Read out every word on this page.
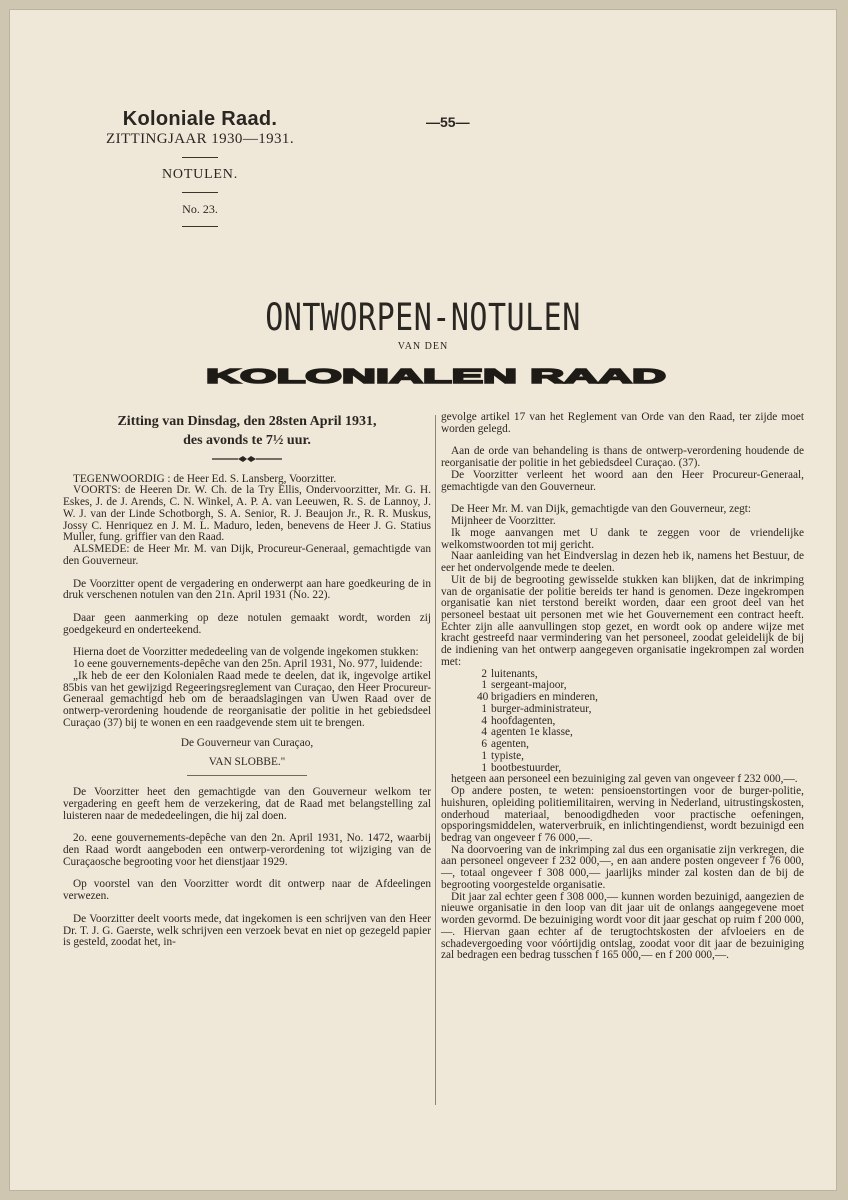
Koloniale Raad.
ZITTINGJAAR 1930—1931.
NOTULEN.
No. 23.
—55—
ONTWORPEN-NOTULEN
VAN DEN
KOLONIALEN RAAD

Zitting van Dinsdag, den 28sten April 1931,

des avonds te 7½ uur.

TEGENWOORDIG : de Heer Ed. S. Lansberg, Voorzitter.

VOORTS: de Heeren Dr. W. Ch. de la Try Ellis, Ondervoorzitter, Mr. G. H. Eskes, J. de J. Arends, C. N. Winkel, A. P. A. van Leeuwen, R. S. de Lannoy, J. W. J. van der Linde Schotborgh, S. A. Senior, R. J. Beaujon Jr., R. R. Muskus, Jossy C. Henriquez en J. M. L. Maduro, leden, benevens de Heer J. G. Statius Muller, fung. griffier van den Raad.

ALSMEDE: de Heer Mr. M. van Dijk, Procureur-Generaal, gemachtigde van den Gouverneur.

De Voorzitter opent de vergadering en onderwerpt aan hare goedkeuring de in druk verschenen notulen van den 21n. April 1931 (No. 22).

Daar geen aanmerking op deze notulen gemaakt wordt, worden zij goedgekeurd en onderteekend.

Hierna doet de Voorzitter mededeeling van de volgende ingekomen stukken:

1o eene gouvernements-depêche van den 25n. April 1931, No. 977, luidende:

„Ik heb de eer den Kolonialen Raad mede te deelen, dat ik, ingevolge artikel 85bis van het gewijzigd Regeeringsreglement van Curaçao, den Heer Procureur-Generaal gemachtigd heb om de beraadslagingen van Uwen Raad over de ontwerp-verordening houdende de reorganisatie der politie in het gebiedsdeel Curaçao (37) bij te wonen en een raadgevende stem uit te brengen.

De Gouverneur van Curaçao,

VAN SLOBBE."

De Voorzitter heet den gemachtigde van den Gouverneur welkom ter vergadering en geeft hem de verzekering, dat de Raad met belangstelling zal luisteren naar de mededeelingen, die hij zal doen.

2o. eene gouvernements-depêche van den 2n. April 1931, No. 1472, waarbij den Raad wordt aangeboden een ontwerp-verordening tot wijziging van de Curaçaosche begrooting voor het dienstjaar 1929.

Op voorstel van den Voorzitter wordt dit ontwerp naar de Afdeelingen verwezen.

De Voorzitter deelt voorts mede, dat ingekomen is een schrijven van den Heer Dr. T. J. G. Gaerste, welk schrijven een verzoek bevat en niet op gezegeld papier is gesteld, zoodat het, in-

gevolge artikel 17 van het Reglement van Orde van den Raad, ter zijde moet worden gelegd.

Aan de orde van behandeling is thans de ontwerp-verordening houdende de reorganisatie der politie in het gebiedsdeel Curaçao. (37).

De Voorzitter verleent het woord aan den Heer Procureur-Generaal, gemachtigde van den Gouverneur.

De Heer Mr. M. van Dijk, gemachtigde van den Gouverneur, zegt:

Mijnheer de Voorzitter.

Ik moge aanvangen met U dank te zeggen voor de vriendelijke welkomstwoorden tot mij gericht.

Naar aanleiding van het Eindverslag in dezen heb ik, namens het Bestuur, de eer het ondervolgende mede te deelen.

Uit de bij de begrooting gewisselde stukken kan blijken, dat de inkrimping van de organisatie der politie bereids ter hand is genomen. Deze ingekrompen organisatie kan niet terstond bereikt worden, daar een groot deel van het personeel bestaat uit personen met wie het Gouvernement een contract heeft. Echter zijn alle aanvullingen stop gezet, en wordt ook op andere wijze met kracht gestreefd naar vermindering van het personeel, zoodat geleidelijk de bij de indiening van het ontwerp aangegeven organisatie ingekrompen zal worden met:

2 luitenants,
1 sergeant-majoor,
40 brigadiers en minderen,
1 burger-administrateur,
4 hoofdagenten,
4 agenten 1e klasse,
6 agenten,
1 typiste,
1 bootbestuurder,

hetgeen aan personeel een bezuiniging zal geven van ongeveer f 232 000,—.

Op andere posten, te weten: pensioenstortingen voor de burger-politie, huishuren, opleiding politiemilitairen, werving in Nederland, uitrustingskosten, onderhoud materiaal, benoodigdheden voor practische oefeningen, opsporingsmiddelen, waterverbruik, en inlichtingendienst, wordt bezuinigd een bedrag van ongeveer f 76 000,—.

Na doorvoering van de inkrimping zal dus een organisatie zijn verkregen, die aan personeel ongeveer f 232 000,—, en aan andere posten ongeveer f 76 000,—, totaal ongeveer f 308 000,— jaarlijks minder zal kosten dan de bij de begrooting voorgestelde organisatie.

Dit jaar zal echter geen f 308 000,— kunnen worden bezuinigd, aangezien de nieuwe organisatie in den loop van dit jaar uit de onlangs aangegevene moet worden gevormd. De bezuiniging wordt voor dit jaar geschat op ruim f 200 000,—. Hiervan gaan echter af de terugtochtskosten der afvloeiers en de schadevergoeding voor vóórtijdig ontslag, zoodat voor dit jaar de bezuiniging zal bedragen een bedrag tusschen f 165 000,— en f 200 000,—.
